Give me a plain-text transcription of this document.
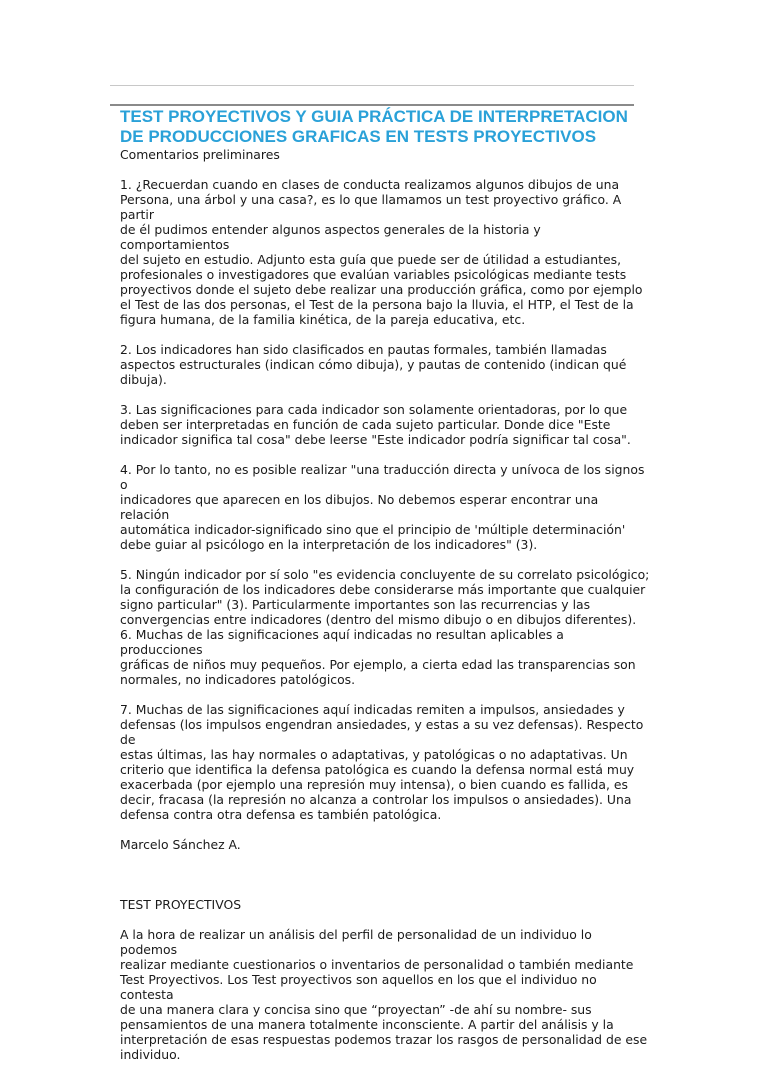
TEST PROYECTIVOS Y GUIA PRÁCTICA DE INTERPRETACION
DE PRODUCCIONES GRAFICAS EN TESTS PROYECTIVOS

Comentarios preliminares

1. ¿Recuerdan cuando en clases de conducta realizamos algunos dibujos de una
Persona, una árbol y una casa?, es lo que llamamos un test proyectivo gráfico. A partir
de él pudimos entender algunos aspectos generales de la historia y comportamientos
del sujeto en estudio. Adjunto esta guía que puede ser de útilidad a estudiantes,
profesionales o investigadores que evalúan variables psicológicas mediante tests
proyectivos donde el sujeto debe realizar una producción gráfica, como por ejemplo
el Test de las dos personas, el Test de la persona bajo la lluvia, el HTP, el Test de la
figura humana, de la familia kinética, de la pareja educativa, etc.

2. Los indicadores han sido clasificados en pautas formales, también llamadas
aspectos estructurales (indican cómo dibuja), y pautas de contenido (indican qué
dibuja).

3. Las significaciones para cada indicador son solamente orientadoras, por lo que
deben ser interpretadas en función de cada sujeto particular. Donde dice "Este
indicador significa tal cosa" debe leerse "Este indicador podría significar tal cosa".

4. Por lo tanto, no es posible realizar "una traducción directa y unívoca de los signos o
indicadores que aparecen en los dibujos. No debemos esperar encontrar una relación
automática indicador-significado sino que el principio de 'múltiple determinación'
debe guiar al psicólogo en la interpretación de los indicadores" (3).

5. Ningún indicador por sí solo "es evidencia concluyente de su correlato psicológico;
la configuración de los indicadores debe considerarse más importante que cualquier
signo particular" (3). Particularmente importantes son las recurrencias y las
convergencias entre indicadores (dentro del mismo dibujo o en dibujos diferentes).

6. Muchas de las significaciones aquí indicadas no resultan aplicables a producciones
gráficas de niños muy pequeños. Por ejemplo, a cierta edad las transparencias son
normales, no indicadores patológicos.

7. Muchas de las significaciones aquí indicadas remiten a impulsos, ansiedades y
defensas (los impulsos engendran ansiedades, y estas a su vez defensas). Respecto de
estas últimas, las hay normales o adaptativas, y patológicas o no adaptativas. Un
criterio que identifica la defensa patológica es cuando la defensa normal está muy
exacerbada (por ejemplo una represión muy intensa), o bien cuando es fallida, es
decir, fracasa (la represión no alcanza a controlar los impulsos o ansiedades). Una
defensa contra otra defensa es también patológica.

Marcelo Sánchez A.

TEST PROYECTIVOS

A la hora de realizar un análisis del perfil de personalidad de un individuo lo podemos
realizar mediante cuestionarios o inventarios de personalidad o también mediante
Test Proyectivos. Los Test proyectivos son aquellos en los que el individuo no contesta
de una manera clara y concisa sino que “proyectan” -de ahí su nombre- sus
pensamientos de una manera totalmente inconsciente. A partir del análisis y la
interpretación de esas respuestas podemos trazar los rasgos de personalidad de ese
individuo.
